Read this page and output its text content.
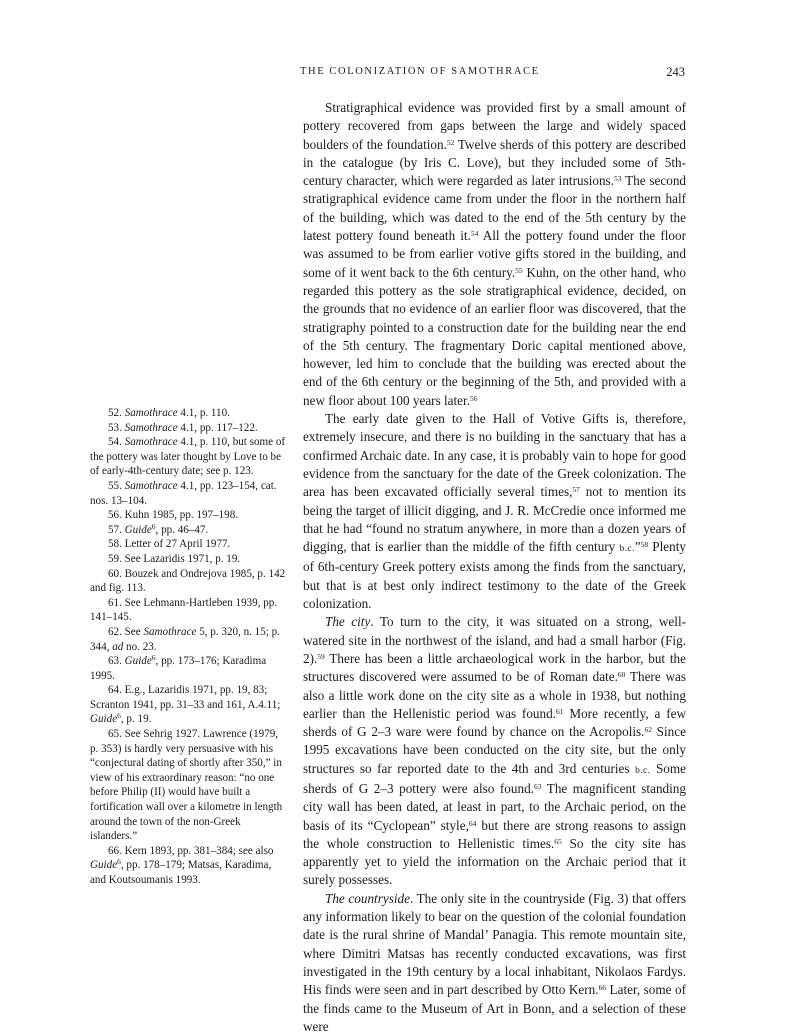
THE COLONIZATION OF SAMOTHRACE	243

Stratigraphical evidence was provided first by a small amount of pottery recovered from gaps between the large and widely spaced boulders of the foundation.$^{52}$ Twelve sherds of this pottery are described in the catalogue (by Iris C. Love), but they included some of 5th-century character, which were regarded as later intrusions.$^{53}$ The second stratigraphical evidence came from under the floor in the northern half of the building, which was dated to the end of the 5th century by the latest pottery found beneath it.$^{54}$ All the pottery found under the floor was assumed to be from earlier votive gifts stored in the building, and some of it went back to the 6th century.$^{55}$ Kuhn, on the other hand, who regarded this pottery as the sole stratigraphical evidence, decided, on the grounds that no evidence of an earlier floor was discovered, that the stratigraphy pointed to a construction date for the building near the end of the 5th century. The fragmentary Doric capital mentioned above, however, led him to conclude that the building was erected about the end of the 6th century or the beginning of the 5th, and provided with a new floor about 100 years later.$^{56}$

The early date given to the Hall of Votive Gifts is, therefore, extremely insecure, and there is no building in the sanctuary that has a confirmed Archaic date. In any case, it is probably vain to hope for good evidence from the sanctuary for the date of the Greek colonization. The area has been excavated officially several times,$^{57}$ not to mention its being the target of illicit digging, and J. R. McCredie once informed me that he had “found no stratum anywhere, in more than a dozen years of digging, that is earlier than the middle of the fifth century b.c.”$^{58}$ Plenty of 6th-century Greek pottery exists among the finds from the sanctuary, but that is at best only indirect testimony to the date of the Greek colonization.

The city. To turn to the city, it was situated on a strong, well-watered site in the northwest of the island, and had a small harbor (Fig. 2).$^{59}$ There has been a little archaeological work in the harbor, but the structures discovered were assumed to be of Roman date.$^{60}$ There was also a little work done on the city site as a whole in 1938, but nothing earlier than the Hellenistic period was found.$^{61}$ More recently, a few sherds of G 2–3 ware were found by chance on the Acropolis.$^{62}$ Since 1995 excavations have been conducted on the city site, but the only structures so far reported date to the 4th and 3rd centuries b.c. Some sherds of G 2–3 pottery were also found.$^{63}$ The magnificent standing city wall has been dated, at least in part, to the Archaic period, on the basis of its “Cyclopean” style,$^{64}$ but there are strong reasons to assign the whole construction to Hellenistic times.$^{65}$ So the city site has apparently yet to yield the information on the Archaic period that it surely possesses.

The countryside. The only site in the countryside (Fig. 3) that offers any information likely to bear on the question of the colonial foundation date is the rural shrine of Mandal’ Panagia. This remote mountain site, where Dimitri Matsas has recently conducted excavations, was first investigated in the 19th century by a local inhabitant, Nikolaos Fardys. His finds were seen and in part described by Otto Kern.$^{66}$ Later, some of the finds came to the Museum of Art in Bonn, and a selection of these were

52. Samothrace 4.1, p. 110.

53. Samothrace 4.1, pp. 117–122.

54. Samothrace 4.1, p. 110, but some of the pottery was later thought by Love to be of early-4th-century date; see p. 123.

55. Samothrace 4.1, pp. 123–154, cat. nos. 13–104.

56. Kuhn 1985, pp. 197–198.

57. Guide$^6$, pp. 46–47.

58. Letter of 27 April 1977.

59. See Lazaridis 1971, p. 19.

60. Bouzek and Ondrejova 1985, p. 142 and fig. 113.

61. See Lehmann-Hartleben 1939, pp. 141–145.

62. See Samothrace 5, p. 320, n. 15; p. 344, ad no. 23.

63. Guide$^6$, pp. 173–176; Karadima 1995.

64. E.g., Lazaridis 1971, pp. 19, 83; Scranton 1941, pp. 31–33 and 161, A.4.11; Guide$^6$, p. 19.

65. See Sehrig 1927. Lawrence (1979, p. 353) is hardly very persuasive with his “conjectural dating of shortly after 350,” in view of his extraordinary reason: “no one before Philip (II) would have built a fortification wall over a kilometre in length around the town of the non-Greek islanders.”

66. Kern 1893, pp. 381–384; see also Guide$^6$, pp. 178–179; Matsas, Karadima, and Koutsoumanis 1993.
